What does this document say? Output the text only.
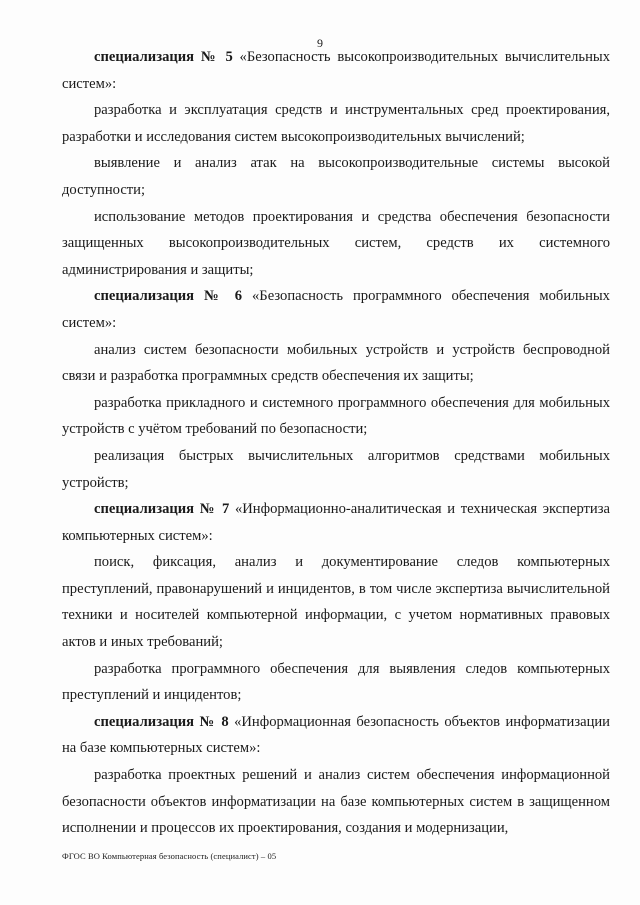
9

специализация № 5 «Безопасность высокопроизводительных вычислительных систем»:

разработка и эксплуатация средств и инструментальных сред проектирования, разработки и исследования систем высокопроизводительных вычислений;

выявление и анализ атак на высокопроизводительные системы высокой доступности;

использование методов проектирования и средства обеспечения безопасности защищенных высокопроизводительных систем, средств их системного администрирования и защиты;

специализация № 6 «Безопасность программного обеспечения мобильных систем»:

анализ систем безопасности мобильных устройств и устройств беспроводной связи и разработка программных средств обеспечения их защиты;

разработка прикладного и системного программного обеспечения для мобильных устройств с учётом требований по безопасности;

реализация быстрых вычислительных алгоритмов средствами мобильных устройств;

специализация № 7 «Информационно-аналитическая и техническая экспертиза компьютерных систем»:

поиск, фиксация, анализ и документирование следов компьютерных преступлений, правонарушений и инцидентов, в том числе экспертиза вычислительной техники и носителей компьютерной информации, с учетом нормативных правовых актов и иных требований;

разработка программного обеспечения для выявления следов компьютерных преступлений и инцидентов;

специализация № 8 «Информационная безопасность объектов информатизации на базе компьютерных систем»:

разработка проектных решений и анализ систем обеспечения информационной безопасности объектов информатизации на базе компьютерных систем в защищенном исполнении и процессов их проектирования, создания и модернизации,

ФГОС ВО Компьютерная безопасность (специалист) – 05
